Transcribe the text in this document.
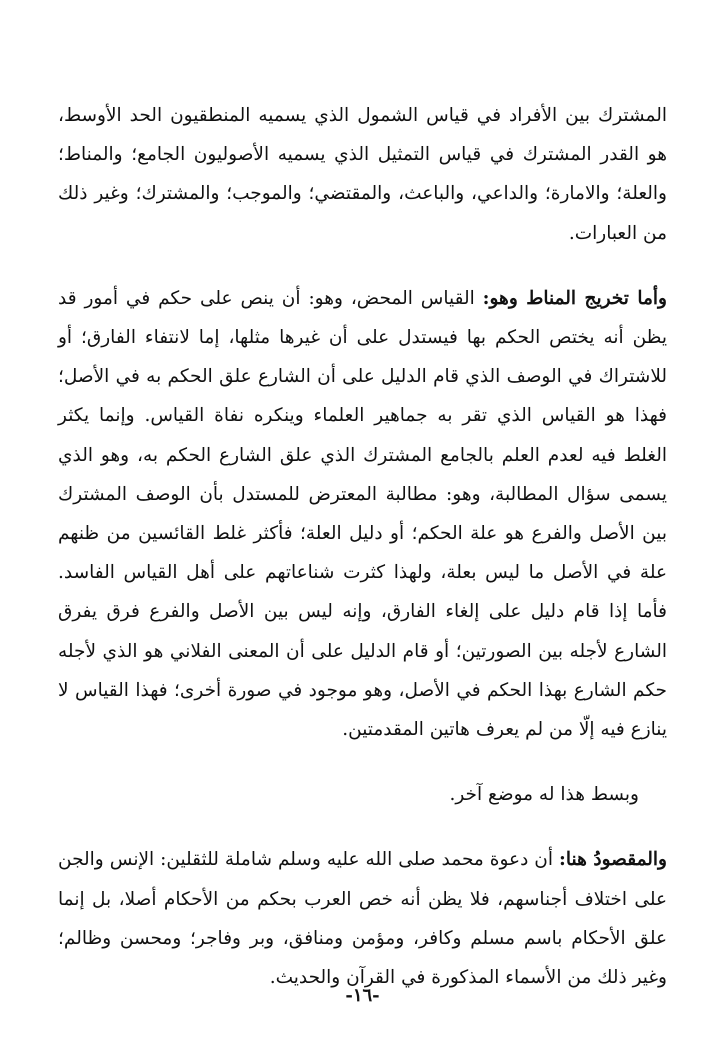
المشترك بين الأفراد في قياس الشمول الذي يسميه المنطقيون الحد الأوسط، هو القدر المشترك في قياس التمثيل الذي يسميه الأصوليون الجامع؛ والمناط؛ والعلة؛ والامارة؛ والداعي، والباعث، والمقتضي؛ والموجب؛ والمشترك؛ وغير ذلك من العبارات.

وأما تخريج المناط وهو: القياس المحض، وهو: أن ينص على حكم في أمور قد يظن أنه يختص الحكم بها فيستدل على أن غيرها مثلها، إما لانتفاء الفارق؛ أو للاشتراك في الوصف الذي قام الدليل على أن الشارع علق الحكم به في الأصل؛ فهذا هو القياس الذي تقر به جماهير العلماء وينكره نفاة القياس. وإنما يكثر الغلط فيه لعدم العلم بالجامع المشترك الذي علق الشارع الحكم به، وهو الذي يسمى سؤال المطالبة، وهو: مطالبة المعترض للمستدل بأن الوصف المشترك بين الأصل والفرع هو علة الحكم؛ أو دليل العلة؛ فأكثر غلط القائسين من ظنهم علة في الأصل ما ليس بعلة، ولهذا كثرت شناعاتهم على أهل القياس الفاسد. فأما إذا قام دليل على إلغاء الفارق، وإنه ليس بين الأصل والفرع فرق يفرق الشارع لأجله بين الصورتين؛ أو قام الدليل على أن المعنى الفلاني هو الذي لأجله حكم الشارع بهذا الحكم في الأصل، وهو موجود في صورة أخرى؛ فهذا القياس لا ينازع فيه إلّا من لم يعرف هاتين المقدمتين.

وبسط هذا له موضع آخر.

والمقصودُ هنا: أن دعوة محمد صلى الله عليه وسلم شاملة للثقلين: الإنس والجن على اختلاف أجناسهم، فلا يظن أنه خص العرب بحكم من الأحكام أصلا، بل إنما علق الأحكام باسم مسلم وكافر، ومؤمن ومنافق، وبر وفاجر؛ ومحسن وظالم؛ وغير ذلك من الأسماء المذكورة في القرآن والحديث.

-١٦-
